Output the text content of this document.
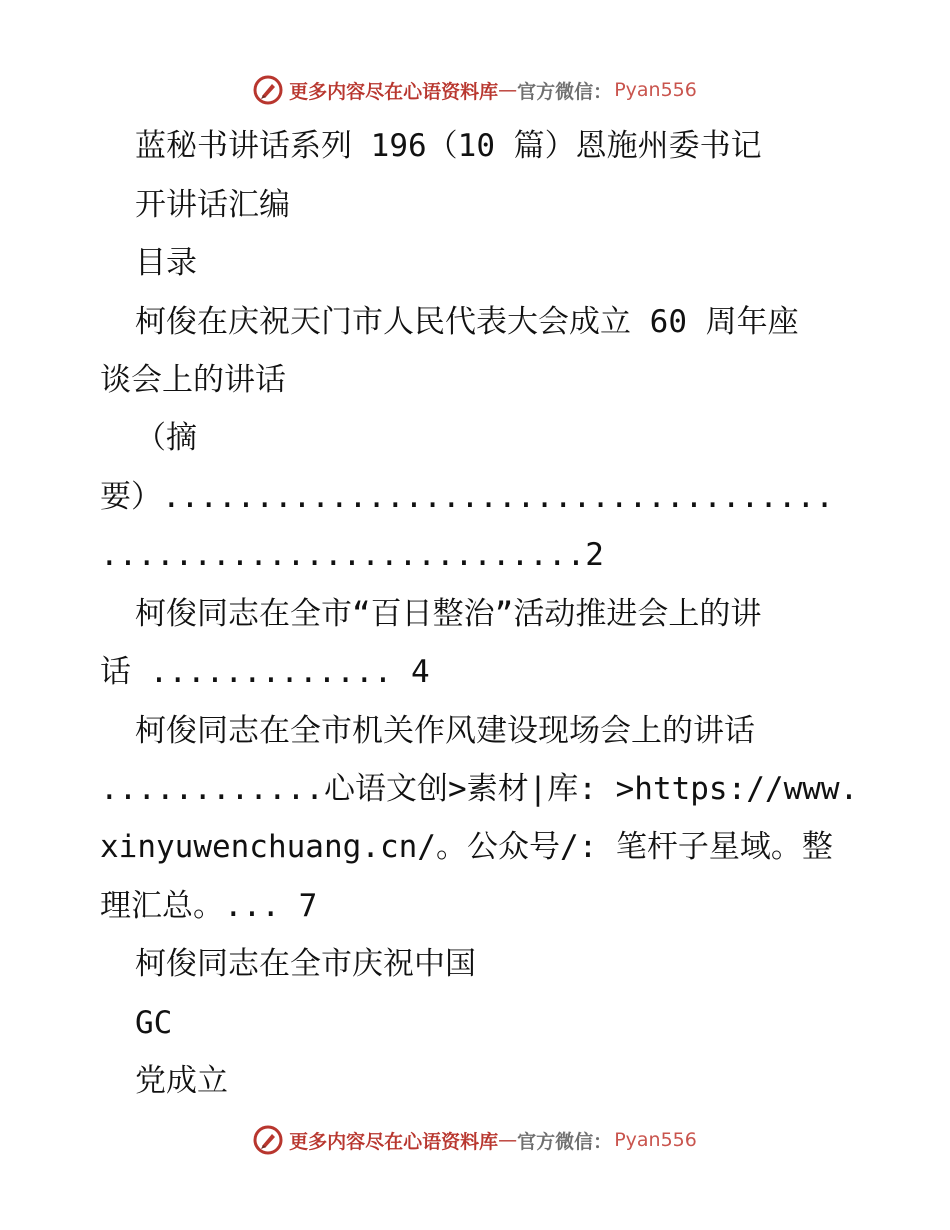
更多内容尽在心语资料库 — 官方微信： Pyan556
蓝秘书讲话系列 196（10 篇）恩施州委书记
开讲话汇编
目录
柯俊在庆祝天门市人民代表大会成立 60 周年座
谈会上的讲话
（摘
要）....................................
..........................2
柯俊同志在全市“百日整治”活动推进会上的讲
话 ............. 4
柯俊同志在全市机关作风建设现场会上的讲话
............心语文创>素材|库: >https://www.
xinyuwenchuang.cn/。公众号/: 笔杆子星域。整
理汇总。... 7
柯俊同志在全市庆祝中国
GC
党成立
更多内容尽在心语资料库 — 官方微信： Pyan556
